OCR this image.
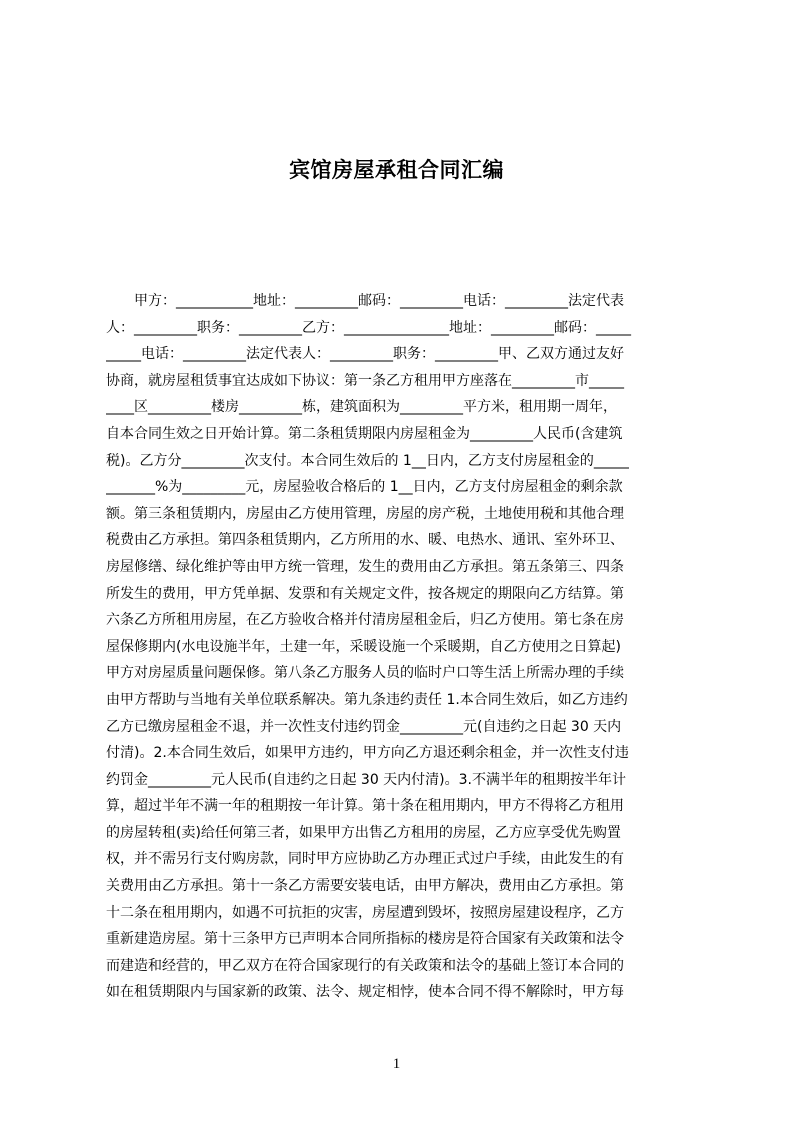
宾馆房屋承租合同汇编
　　甲方：___________地址：_________邮码：_________电话：_________法定代表
人：_________职务：_________乙方：_______________地址：_________邮码：_____
_____电话：_________法定代表人：_________职务：_________甲、乙双方通过友好
协商，就房屋租赁事宜达成如下协议：第一条乙方租用甲方座落在_________市_____
____区_________楼房_________栋，建筑面积为_________平方米，租用期一周年，
自本合同生效之日开始计算。第二条租赁期限内房屋租金为_________人民币(含建筑
税)。乙方分_________次支付。本合同生效后的 1__日内，乙方支付房屋租金的_____
_______%为_________元，房屋验收合格后的 1__日内，乙方支付房屋租金的剩余款
额。第三条租赁期内，房屋由乙方使用管理，房屋的房产税，土地使用税和其他合理
税费由乙方承担。第四条租赁期内，乙方所用的水、暖、电热水、通讯、室外环卫、
房屋修缮、绿化维护等由甲方统一管理，发生的费用由乙方承担。第五条第三、四条
所发生的费用，甲方凭单据、发票和有关规定文件，按各规定的期限向乙方结算。第
六条乙方所租用房屋，在乙方验收合格并付清房屋租金后，归乙方使用。第七条在房
屋保修期内(水电设施半年，土建一年，采暖设施一个采暖期，自乙方使用之日算起)
甲方对房屋质量问题保修。第八条乙方服务人员的临时户口等生活上所需办理的手续
由甲方帮助与当地有关单位联系解决。第九条违约责任 1.本合同生效后，如乙方违约
乙方已缴房屋租金不退，并一次性支付违约罚金_________元(自违约之日起 30 天内
付清)。2.本合同生效后，如果甲方违约，甲方向乙方退还剩余租金，并一次性支付违
约罚金_________元人民币(自违约之日起 30 天内付清)。3.不满半年的租期按半年计
算，超过半年不满一年的租期按一年计算。第十条在租用期内，甲方不得将乙方租用
的房屋转租(卖)给任何第三者，如果甲方出售乙方租用的房屋，乙方应享受优先购置
权，并不需另行支付购房款，同时甲方应协助乙方办理正式过户手续，由此发生的有
关费用由乙方承担。第十一条乙方需要安装电话，由甲方解决，费用由乙方承担。第
十二条在租用期内，如遇不可抗拒的灾害，房屋遭到毁坏，按照房屋建设程序，乙方
重新建造房屋。第十三条甲方已声明本合同所指标的楼房是符合国家有关政策和法令
而建造和经营的，甲乙双方在符合国家现行的有关政策和法令的基础上签订本合同的
如在租赁期限内与国家新的政策、法令、规定相悖，使本合同不得不解除时，甲方每
1
